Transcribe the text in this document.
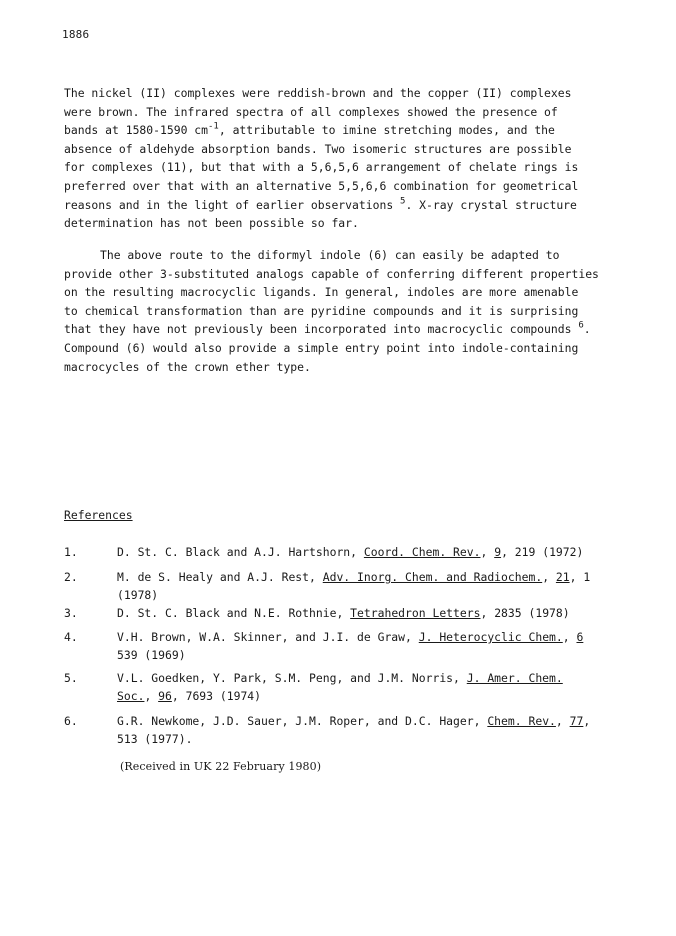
1886

The nickel (II) complexes were reddish-brown and the copper (II) complexes
were brown. The infrared spectra of all complexes showed the presence of
bands at 1580-1590 $cm^{-1}$, attributable to imine stretching modes, and the
absence of aldehyde absorption bands. Two isomeric structures are possible
for complexes (11), but that with a 5,6,5,6 arrangement of chelate rings is
preferred over that with an alternative 5,5,6,6 combination for geometrical
reasons and in the light of earlier observations $^5$. X-ray crystal structure
determination has not been possible so far.

The above route to the diformyl indole (6) can easily be adapted to
provide other 3-substituted analogs capable of conferring different properties
on the resulting macrocyclic ligands. In general, indoles are more amenable
to chemical transformation than are pyridine compounds and it is surprising
that they have not previously been incorporated into macrocyclic compounds $^6$.
Compound (6) would also provide a simple entry point into indole-containing
macrocycles of the crown ether type.

References
1.	D. St. C. Black and A.J. Hartshorn, Coord. Chem. Rev., 9, 219 (1972)
2.	M. de S. Healy and A.J. Rest, Adv. Inorg. Chem. and Radiochem., 21, 1
(1978)
3.	D. St. C. Black and N.E. Rothnie, Tetrahedron Letters, 2835 (1978)
4.	V.H. Brown, W.A. Skinner, and J.I. de Graw, J. Heterocyclic Chem., 6
539 (1969)
5.	V.L. Goedken, Y. Park, S.M. Peng, and J.M. Norris, J. Amer. Chem.
Soc., 96, 7693 (1974)
6.	G.R. Newkome, J.D. Sauer, J.M. Roper, and D.C. Hager, Chem. Rev., 77,
513 (1977).
(Received in UK 22 February 1980)
